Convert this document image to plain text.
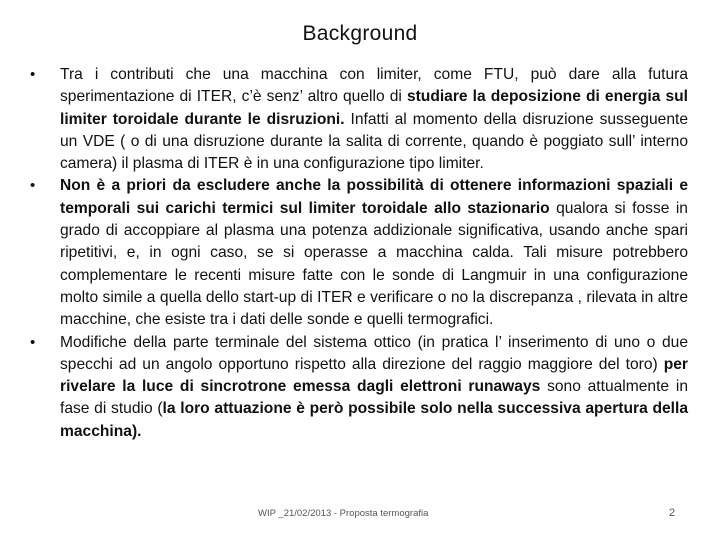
Background
• Tra i contributi che una macchina con limiter, come FTU, può dare alla futura sperimentazione di ITER, c’è senz’ altro quello di studiare la deposizione di energia sul limiter toroidale durante le disruzioni. Infatti al momento della disruzione susseguente un VDE ( o di una disruzione durante la salita di corrente, quando è poggiato sull’ interno camera) il plasma di ITER è in una configurazione tipo limiter.
• Non è a priori da escludere anche la possibilità di ottenere informazioni spaziali e temporali sui carichi termici sul limiter toroidale allo stazionario qualora si fosse in grado di accoppiare al plasma una potenza addizionale significativa, usando anche spari ripetitivi, e, in ogni caso, se si operasse a macchina calda. Tali misure potrebbero complementare le recenti misure fatte con le sonde di Langmuir in una configurazione molto simile a quella dello start-up di ITER e verificare o no la discrepanza , rilevata in altre macchine, che esiste tra i dati delle sonde e quelli termografici.
• Modifiche della parte terminale del sistema ottico (in pratica l’ inserimento di uno o due specchi ad un angolo opportuno rispetto alla direzione del raggio maggiore del toro) per rivelare la luce di sincrotrone emessa dagli elettroni runaways sono attualmente in fase di studio (la loro attuazione è però possibile solo nella successiva apertura della macchina).
WIP _21/02/2013 - Proposta termografia	2
